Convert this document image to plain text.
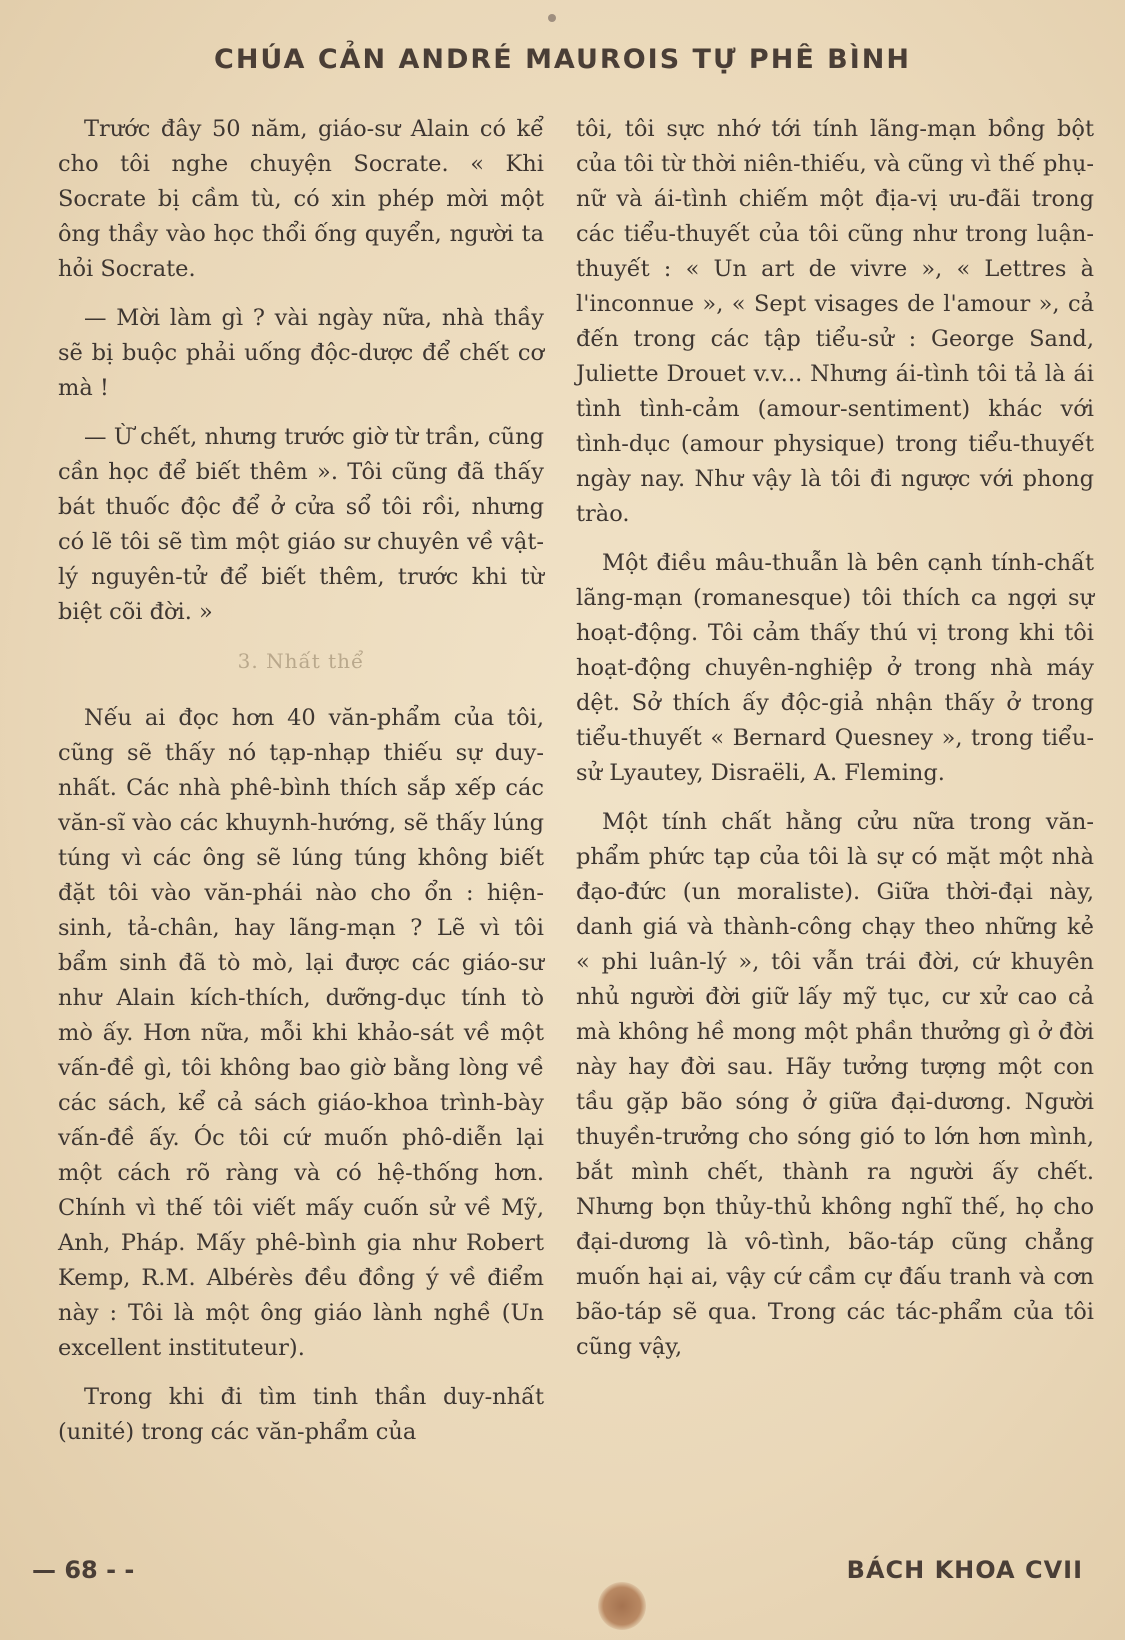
CHÚA CẢN ANDRÉ MAUROIS TỰ PHÊ BÌNH

Trước đây 50 năm, giáo-sư Alain có kể cho tôi nghe chuyện Socrate. « Khi Socrate bị cầm tù, có xin phép mời một ông thầy vào học thổi ống quyển, người ta hỏi Socrate.

— Mời làm gì ? vài ngày nữa, nhà thầy sẽ bị buộc phải uống độc-dược để chết cơ mà !

— Ừ chết, nhưng trước giờ từ trần, cũng cần học để biết thêm ». Tôi cũng đã thấy bát thuốc độc để ở cửa sổ tôi rồi, nhưng có lẽ tôi sẽ tìm một giáo sư chuyên về vật-lý nguyên-tử để biết thêm, trước khi từ biệt cõi đời. »

3. Nhất thể

Nếu ai đọc hơn 40 văn-phẩm của tôi, cũng sẽ thấy nó tạp-nhạp thiếu sự duy-nhất. Các nhà phê-bình thích sắp xếp các văn-sĩ vào các khuynh-hướng, sẽ thấy lúng túng vì các ông sẽ lúng túng không biết đặt tôi vào văn-phái nào cho ổn : hiện-sinh, tả-chân, hay lãng-mạn ? Lẽ vì tôi bẩm sinh đã tò mò, lại được các giáo-sư như Alain kích-thích, dưỡng-dục tính tò mò ấy. Hơn nữa, mỗi khi khảo-sát về một vấn-đề gì, tôi không bao giờ bằng lòng về các sách, kể cả sách giáo-khoa trình-bày vấn-đề ấy. Óc tôi cứ muốn phô-diễn lại một cách rõ ràng và có hệ-thống hơn. Chính vì thế tôi viết mấy cuốn sử về Mỹ, Anh, Pháp. Mấy phê-bình gia như Robert Kemp, R.M. Albérès đều đồng ý về điểm này : Tôi là một ông giáo lành nghề (Un excellent instituteur).

Trong khi đi tìm tinh thần duy-nhất (unité) trong các văn-phẩm của

tôi, tôi sực nhớ tới tính lãng-mạn bồng bột của tôi từ thời niên-thiếu, và cũng vì thế phụ-nữ và ái-tình chiếm một địa-vị ưu-đãi trong các tiểu-thuyết của tôi cũng như trong luận-thuyết : « Un art de vivre », « Lettres à l'inconnue », « Sept visages de l'amour », cả đến trong các tập tiểu-sử : George Sand, Juliette Drouet v.v... Nhưng ái-tình tôi tả là ái tình tình-cảm (amour-sentiment) khác với tình-dục (amour physique) trong tiểu-thuyết ngày nay. Như vậy là tôi đi ngược với phong trào.

Một điều mâu-thuẫn là bên cạnh tính-chất lãng-mạn (romanesque) tôi thích ca ngợi sự hoạt-động. Tôi cảm thấy thú vị trong khi tôi hoạt-động chuyên-nghiệp ở trong nhà máy dệt. Sở thích ấy độc-giả nhận thấy ở trong tiểu-thuyết « Bernard Quesney », trong tiểu-sử Lyautey, Disraëli, A. Fleming.

Một tính chất hằng cửu nữa trong văn-phẩm phức tạp của tôi là sự có mặt một nhà đạo-đức (un moraliste). Giữa thời-đại này, danh giá và thành-công chạy theo những kẻ « phi luân-lý », tôi vẫn trái đời, cứ khuyên nhủ người đời giữ lấy mỹ tục, cư xử cao cả mà không hề mong một phần thưởng gì ở đời này hay đời sau. Hãy tưởng tượng một con tầu gặp bão sóng ở giữa đại-dương. Người thuyền-trưởng cho sóng gió to lớn hơn mình, bắt mình chết, thành ra người ấy chết. Nhưng bọn thủy-thủ không nghĩ thế, họ cho đại-dương là vô-tình, bão-táp cũng chẳng muốn hại ai, vậy cứ cầm cự đấu tranh và cơn bão-táp sẽ qua. Trong các tác-phẩm của tôi cũng vậy,

— 68 - -	BÁCH KHOA CVII
